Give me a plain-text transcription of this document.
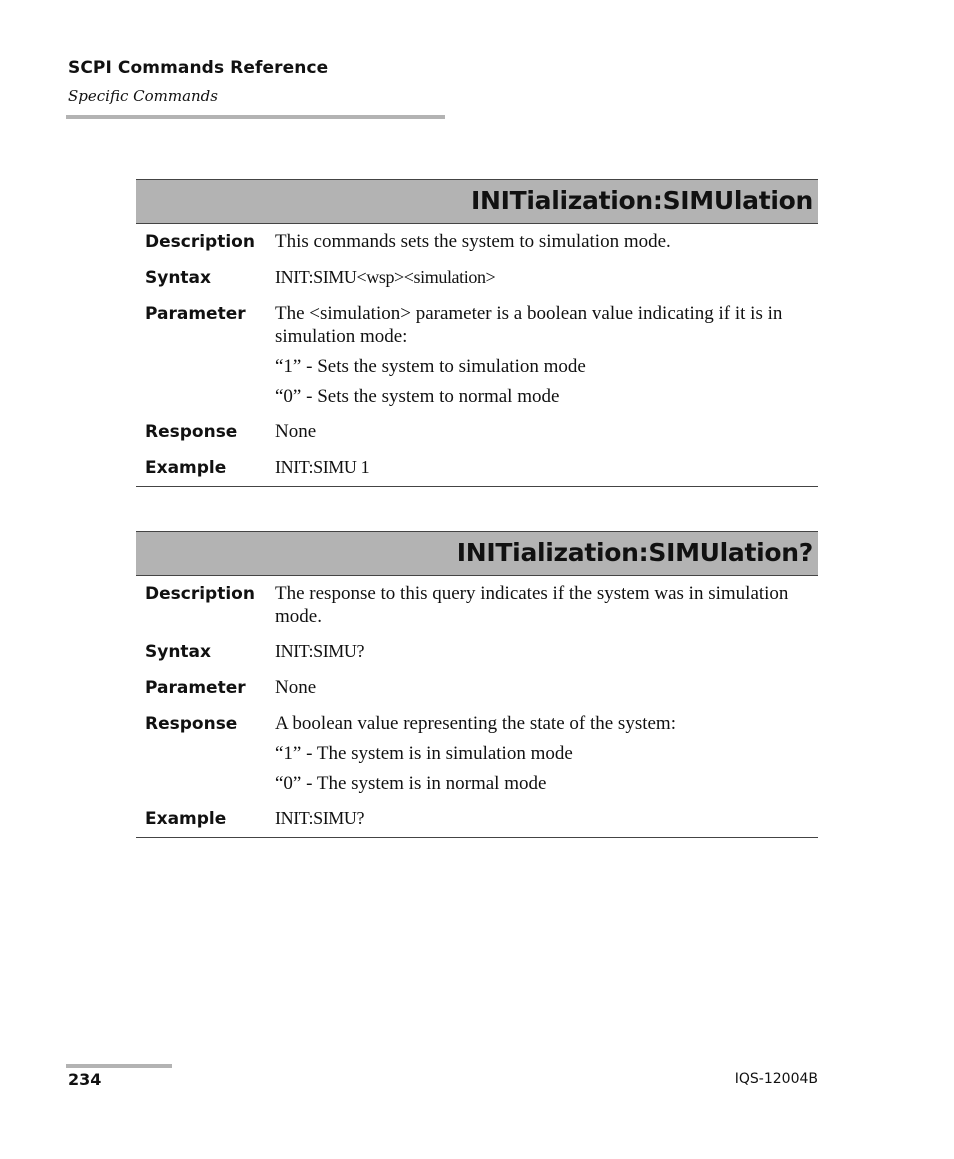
SCPI Commands Reference
Specific Commands
INITialization:SIMUlation
Description	This commands sets the system to simulation mode.

Syntax	INIT:SIMU<wsp><simulation>

Parameter	The <simulation> parameter is a boolean value indicating if it is in simulation mode:

“1” - Sets the system to simulation mode

“0” - Sets the system to normal mode

Response	None

Example	INIT:SIMU 1

INITialization:SIMUlation?
Description	The response to this query indicates if the system was in simulation mode.

Syntax	INIT:SIMU?

Parameter	None

Response	A boolean value representing the state of the system:

“1” - The system is in simulation mode

“0” - The system is in normal mode

Example	INIT:SIMU?

234	IQS-12004B
